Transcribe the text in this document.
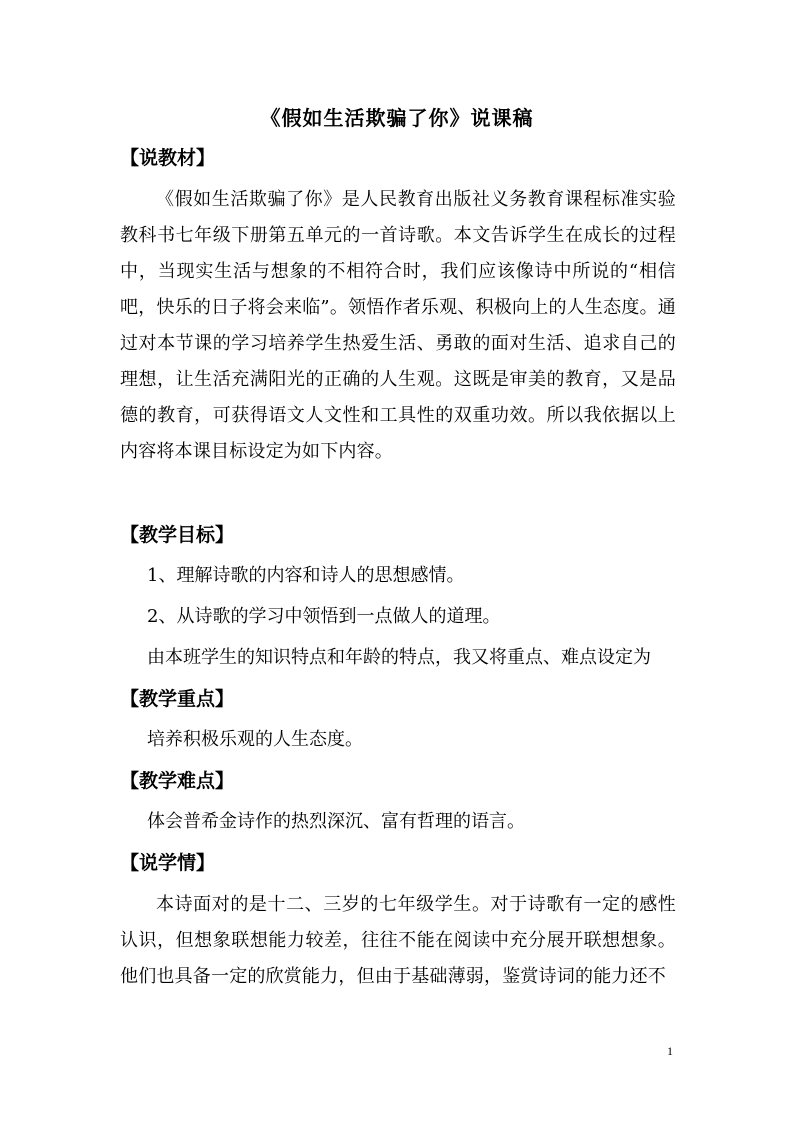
《假如生活欺骗了你》说课稿
【说教材】
《假如生活欺骗了你》是人民教育出版社义务教育课程标准实验教科书七年级下册第五单元的一首诗歌。本文告诉学生在成长的过程中，当现实生活与想象的不相符合时，我们应该像诗中所说的“相信吧，快乐的日子将会来临”。领悟作者乐观、积极向上的人生态度。通过对本节课的学习培养学生热爱生活、勇敢的面对生活、追求自己的理想，让生活充满阳光的正确的人生观。这既是审美的教育，又是品德的教育，可获得语文人文性和工具性的双重功效。所以我依据以上内容将本课目标设定为如下内容。
【教学目标】
1、理解诗歌的内容和诗人的思想感情。
2、从诗歌的学习中领悟到一点做人的道理。
由本班学生的知识特点和年龄的特点，我又将重点、难点设定为
【教学重点】
培养积极乐观的人生态度。
【教学难点】
体会普希金诗作的热烈深沉、富有哲理的语言。
【说学情】
本诗面对的是十二、三岁的七年级学生。对于诗歌有一定的感性认识，但想象联想能力较差，往往不能在阅读中充分展开联想想象。他们也具备一定的欣赏能力，但由于基础薄弱，鉴赏诗词的能力还不
1
